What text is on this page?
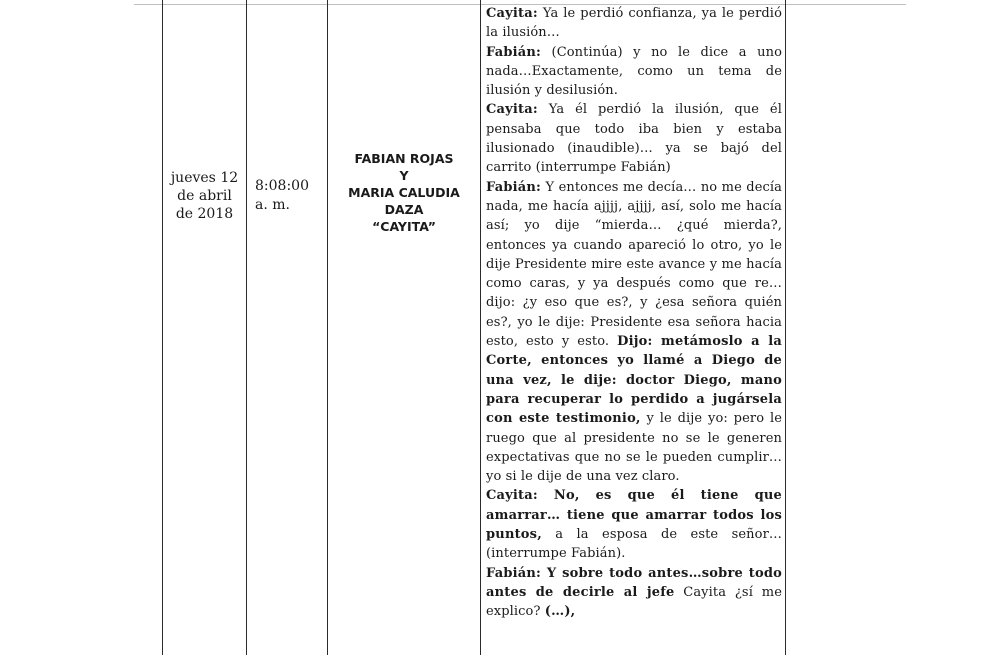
jueves 12
de abril
de 2018
8:08:00
a. m.
FABIAN ROJAS
Y
MARIA CALUDIA
DAZA
“CAYITA”

Cayita: Ya le perdió confianza, ya le perdió la ilusión…

Fabián: (Continúa) y no le dice a uno nada…Exactamente, como un tema de ilusión y desilusión.

Cayita: Ya él perdió la ilusión, que él pensaba que todo iba bien y estaba ilusionado (inaudible)… ya se bajó del carrito (interrumpe Fabián)

Fabián: Y entonces me decía… no me decía nada, me hacía ajjjj, ajjjj, así, solo me hacía así; yo dije “mierda… ¿qué mierda?, entonces ya cuando apareció lo otro, yo le dije Presidente mire este avance y me hacía como caras, y ya después como que re…dijo: ¿y eso que es?, y ¿esa señora quién es?, yo le dije: Presidente esa señora hacia esto, esto y esto. Dijo: metámoslo a la Corte, entonces yo llamé a Diego de una vez, le dije: doctor Diego, mano para recuperar lo perdido a jugársela con este testimonio, y le dije yo: pero le ruego que al presidente no se le generen expectativas que no se le pueden cumplir… yo si le dije de una vez claro.

Cayita: No, es que él tiene que amarrar… tiene que amarrar todos los puntos, a la esposa de este señor… (interrumpe Fabián).

Fabián: Y sobre todo antes…sobre todo antes de decirle al jefe Cayita ¿sí me explico? (…),
